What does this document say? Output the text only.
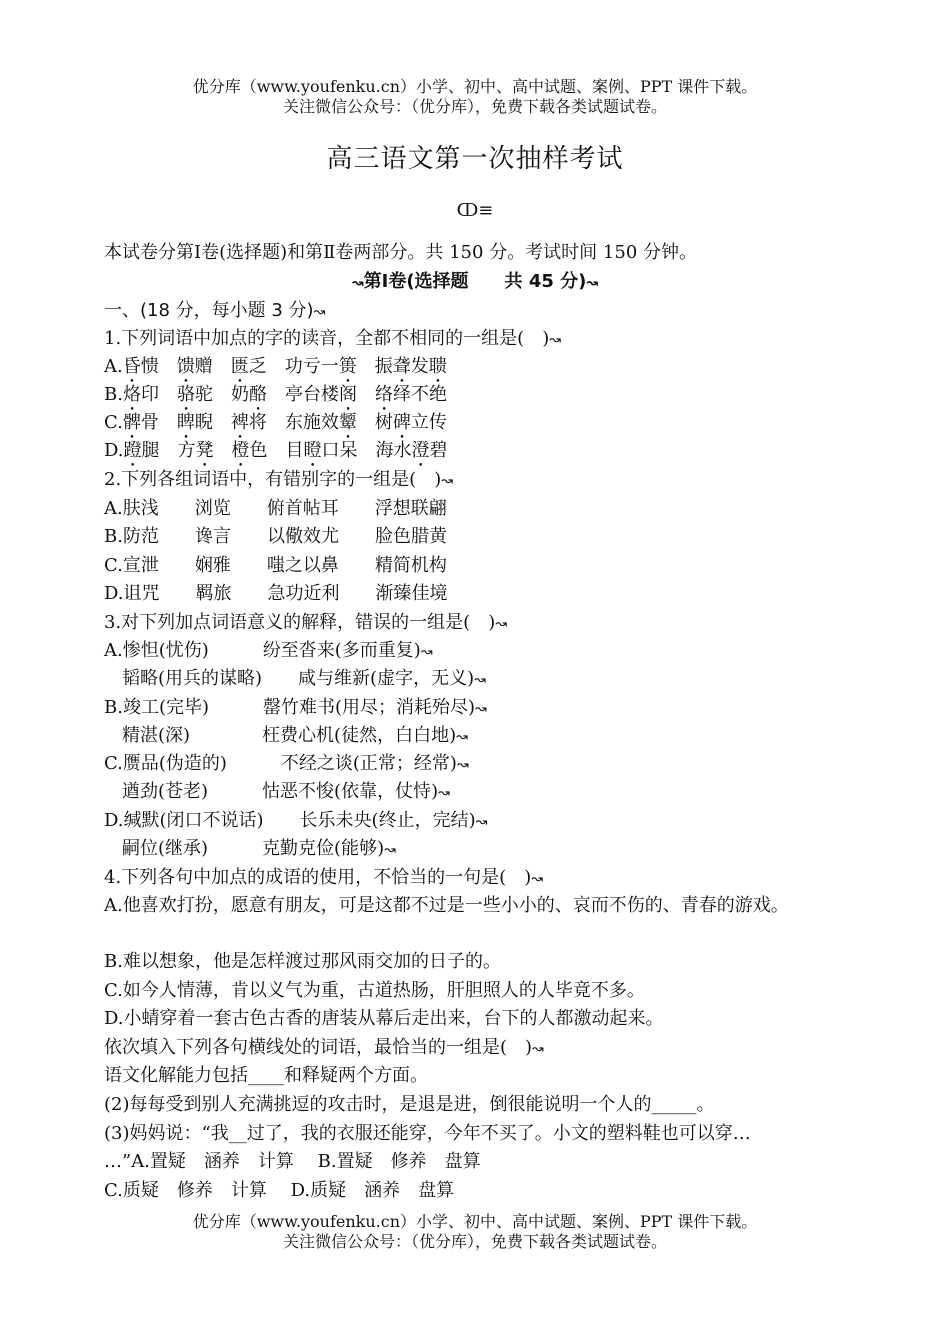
优分库（www.youfenku.cn）小学、初中、高中试题、案例、PPT 课件下载。
关注微信公众号：（优分库），免费下载各类试题试卷。
高三语文第一次抽样考试
ↀ≡
本试卷分第Ⅰ卷(选择题)和第Ⅱ卷两部分。共 150 分。考试时间 150 分钟。
↝第Ⅰ卷(选择题　　共 45 分)↝
一、(18 分，每小题 3 分)↝
1.下列词语中加点的字的读音，全都不相同的一组是(　)↝
A.昏愦　馈赠　匮乏　功亏一篑　振聋发聩
B.烙印　骆驼　奶酪　亭台楼阁　 络绎不绝
C.髀骨　睥睨　裨将　东施效颦　树碑立传
D.蹬腿　方凳　 橙色　目瞪口呆　海水澄碧
2.下列各组词语中，有错别字的一组是(　)↝
A.肤浅　　浏览　　俯首帖耳　　浮想联翩
B.防范　　谗言　　以儆效尤　　脸色腊黄
C.宣泄　　娴雅　　嗤之以鼻　　精简机构
D.诅咒　　羁旅　　急功近利　　渐臻佳境
3.对下列加点词语意义的解释，错误的一组是(　)↝
A.惨怛(忧伤)　　　纷至沓来(多而重复)↝
　韬略(用兵的谋略)　　咸与维新(虚字，无义)↝
B.竣工(完毕)　　　罄竹难书(用尽；消耗殆尽)↝
　精湛(深)　　　　枉费心机(徒然，白白地)↝
C.赝品(伪造的)　　　不经之谈(正常；经常)↝
　遒劲(苍老)　　　怙恶不悛(依靠，仗恃)↝
D.缄默(闭口不说话)　　长乐未央(终止，完结)↝
　嗣位(继承)　　　克勤克俭(能够)↝
4.下列各句中加点的成语的使用，不恰当的一句是(　)↝
A.他喜欢打扮，愿意有朋友，可是这都不过是一些小小的、哀而不伤的、青春的游戏。
B.难以想象，他是怎样渡过那风雨交加的日子的。
C.如今人情薄，肯以义气为重，古道热肠，肝胆照人的人毕竟不多。
D.小蜻穿着一套古色古香的唐装从幕后走出来，台下的人都激动起来。
依次填入下列各句横线处的词语，最恰当的一组是(　)↝
语文化解能力包括____和释疑两个方面。
(2)每每受到别人充满挑逗的攻击时，是退是进，倒很能说明一个人的_____。
(3)妈妈说：“我__过了，我的衣服还能穿，今年不买了。小文的塑料鞋也可以穿…
…”A.置疑　涵养　计算　 B.置疑　修养　盘算
C.质疑　修养　计算　 D.质疑　涵养　盘算
优分库（www.youfenku.cn）小学、初中、高中试题、案例、PPT 课件下载。
关注微信公众号：（优分库），免费下载各类试题试卷。
